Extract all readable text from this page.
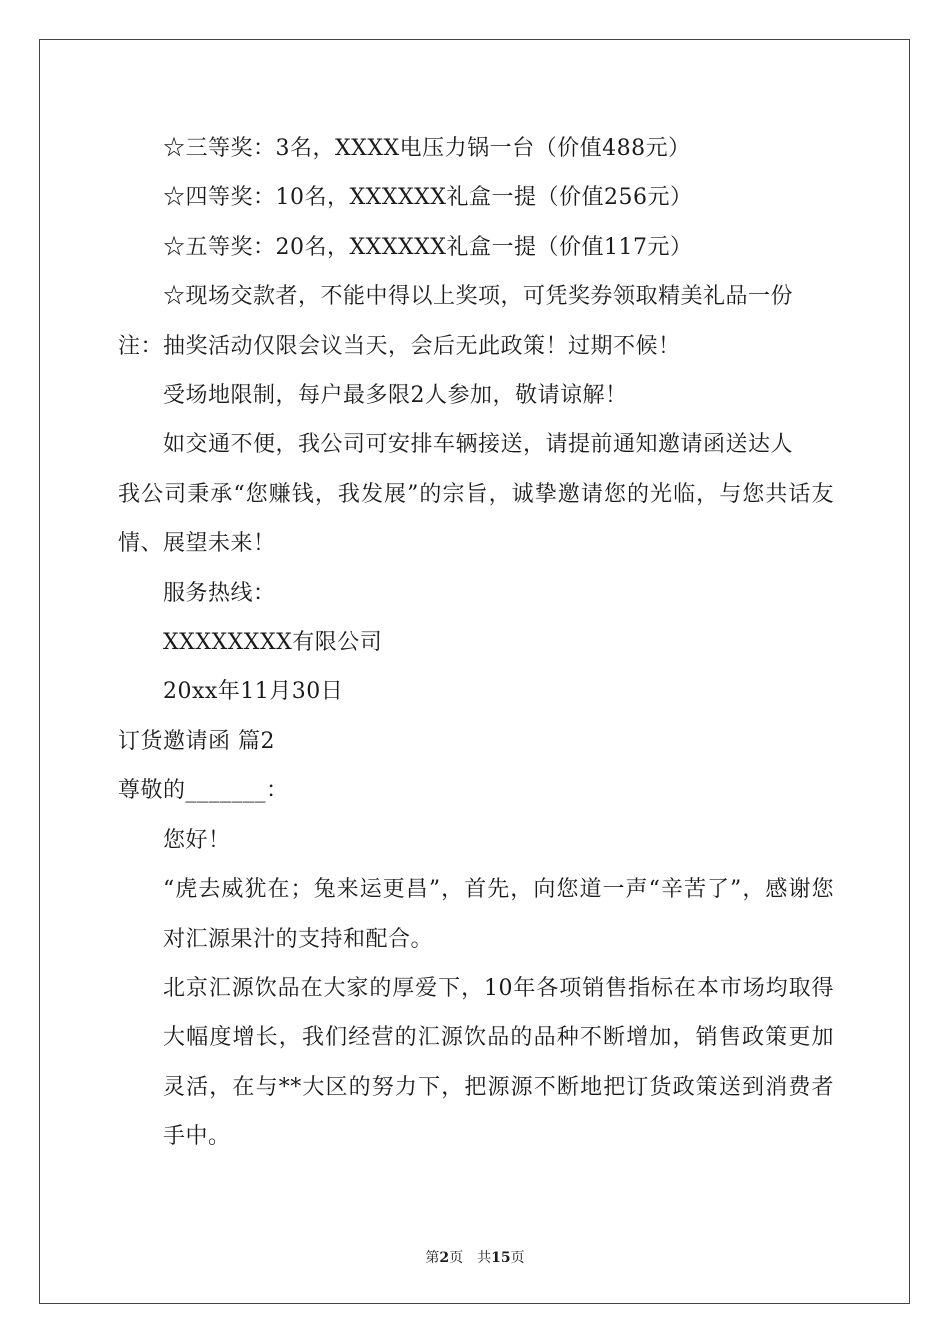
☆三等奖：3名，XXXX电压力锅一台（价值488元）

☆四等奖：10名，XXXXXX礼盒一提（价值256元）

☆五等奖：20名，XXXXXX礼盒一提（价值117元）

☆现场交款者，不能中得以上奖项，可凭奖券领取精美礼品一份

注：抽奖活动仅限会议当天，会后无此政策！过期不候！

受场地限制，每户最多限2人参加，敬请谅解！

如交通不便，我公司可安排车辆接送，请提前通知邀请函送达人

我公司秉承“您赚钱，我发展”的宗旨，诚挚邀请您的光临，与您共话友情、展望未来！

服务热线：

XXXXXXXX有限公司

20xx年11月30日

订货邀请函 篇2

尊敬的_______：

您好！

“虎去威犹在；兔来运更昌”，首先，向您道一声“辛苦了”，感谢您对汇源果汁的支持和配合。

北京汇源饮品在大家的厚爱下，10年各项销售指标在本市场均取得大幅度增长，我们经营的汇源饮品的品种不断增加，销售政策更加灵活，在与**大区的努力下，把源源不断地把订货政策送到消费者手中。

第2页　共15页
